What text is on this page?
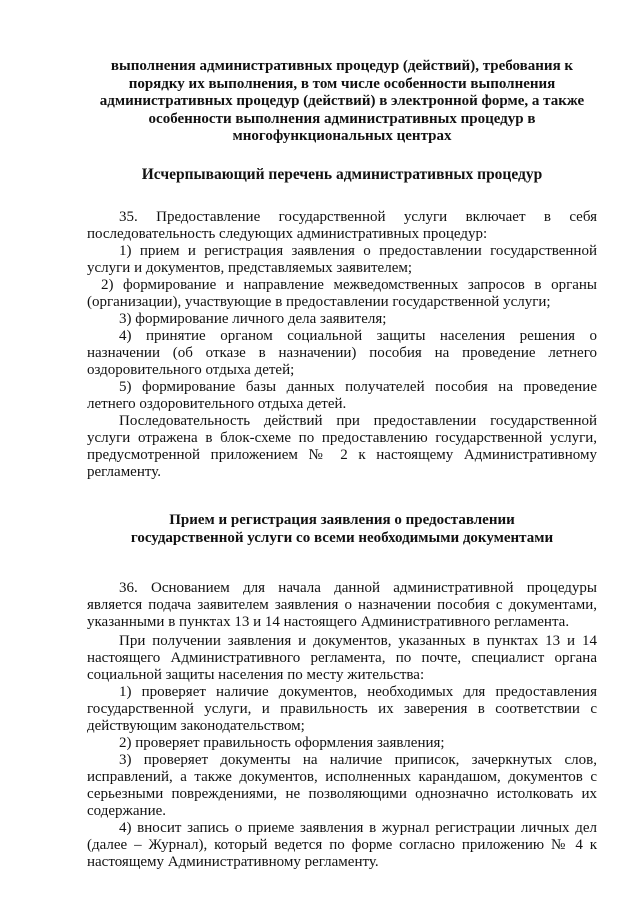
выполнения административных процедур (действий), требования к порядку их выполнения, в том числе особенности выполнения административных процедур (действий) в электронной форме, а также особенности выполнения административных процедур в многофункциональных центрах

Исчерпывающий перечень административных процедур

35. Предоставление государственной услуги включает в себя последовательность следующих административных процедур:

1) прием и регистрация заявления о предоставлении государственной услуги и документов, представляемых заявителем;

2) формирование и направление межведомственных запросов в органы (организации), участвующие в предоставлении государственной услуги;

3) формирование личного дела заявителя;

4) принятие органом социальной защиты населения решения о назначении (об отказе в назначении) пособия на проведение летнего оздоровительного отдыха детей;

5) формирование базы данных получателей пособия на проведение летнего оздоровительного отдыха детей.

Последовательность действий при предоставлении государственной услуги отражена в блок-схеме по предоставлению государственной услуги, предусмотренной приложением № 2 к настоящему Административному регламенту.

Прием и регистрация заявления о предоставлении
государственной услуги со всеми необходимыми документами

36. Основанием для начала данной административной процедуры является подача заявителем заявления о назначении пособия с документами, указанными в пунктах 13 и 14 настоящего Административного регламента.

При получении заявления и документов, указанных в пунктах 13 и 14 настоящего Административного регламента, по почте, специалист органа социальной защиты населения по месту жительства:

1) проверяет наличие документов, необходимых для предоставления государственной услуги, и правильность их заверения в соответствии с действующим законодательством;

2) проверяет правильность оформления заявления;

3) проверяет документы на наличие приписок, зачеркнутых слов, исправлений, а также документов, исполненных карандашом, документов с серьезными повреждениями, не позволяющими однозначно истолковать их содержание.

4) вносит запись о приеме заявления в журнал регистрации личных дел (далее – Журнал), который ведется по форме согласно приложению № 4 к настоящему Административному регламенту.
